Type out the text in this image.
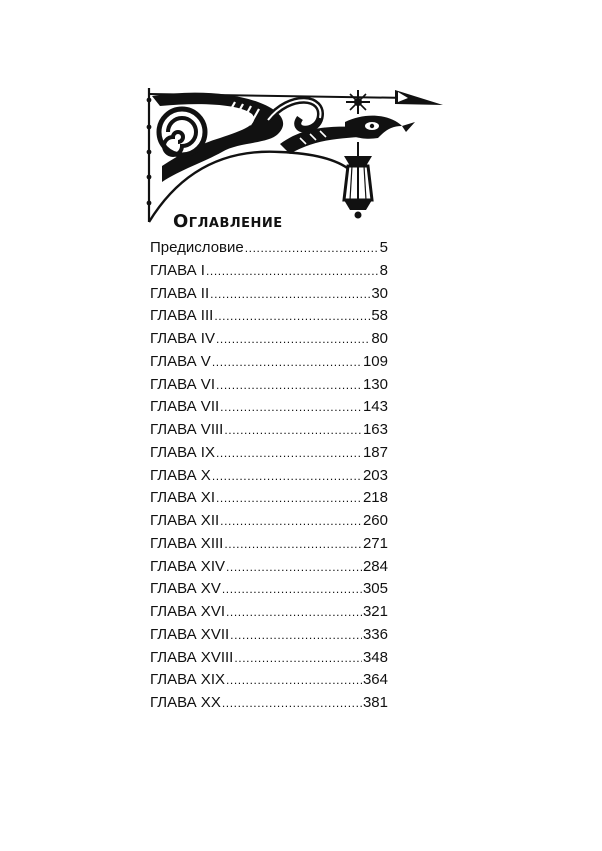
Оглавление
Предисловие .....	5
ГЛАВА I .....	8
ГЛАВА II .....	30
ГЛАВА III .....	58
ГЛАВА IV .....	80
ГЛАВА V .....	109
ГЛАВА VI .....	130
ГЛАВА VII .....	143
ГЛАВА VIII .....	163
ГЛАВА IX .....	187
ГЛАВА X .....	203
ГЛАВА XI .....	218
ГЛАВА XII .....	260
ГЛАВА XIII .....	271
ГЛАВА XIV .....	284
ГЛАВА XV .....	305
ГЛАВА XVI .....	321
ГЛАВА XVII .....	336
ГЛАВА XVIII .....	348
ГЛАВА XIX .....	364
ГЛАВА XX .....	381
